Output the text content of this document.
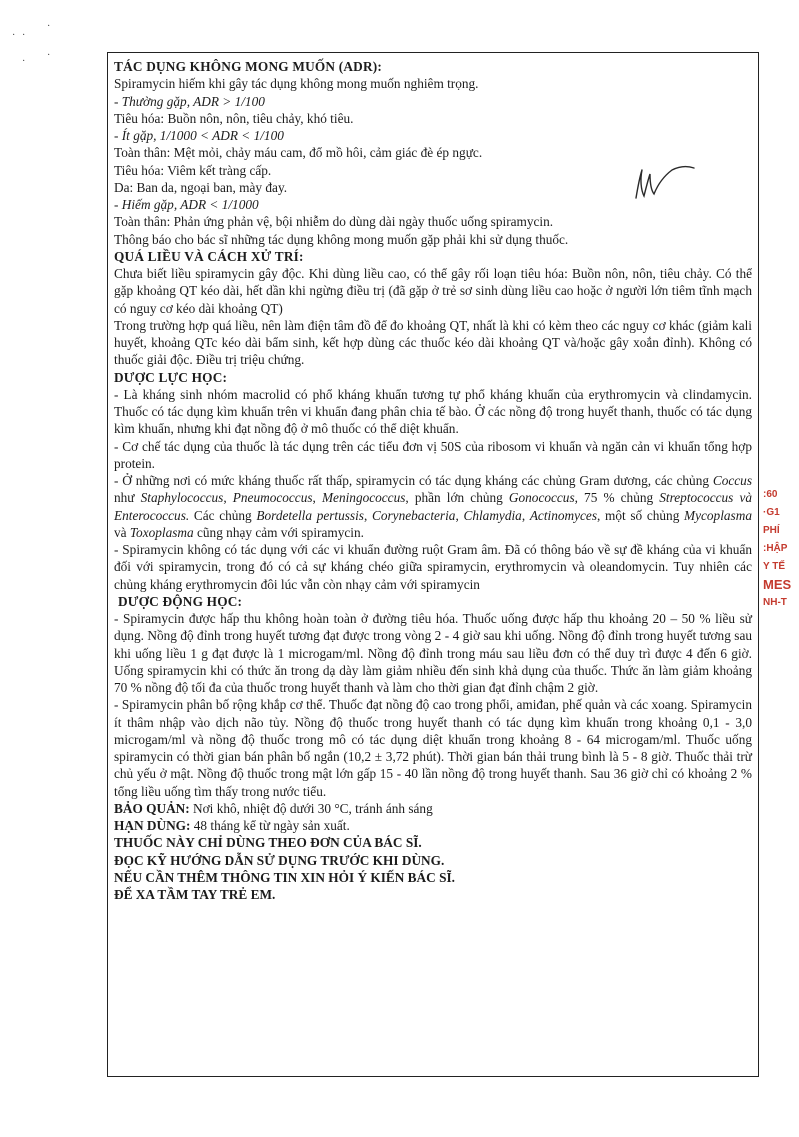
· ·
·
·
·	TÁC DỤNG KHÔNG MONG MUỐN (ADR):

Spiramycin hiếm khi gây tác dụng không mong muốn nghiêm trọng.

- Thường gặp, ADR > 1/100

Tiêu hóa: Buồn nôn, nôn, tiêu chảy, khó tiêu.

- Ít gặp, 1/1000 < ADR < 1/100

Toàn thân: Mệt mỏi, chảy máu cam, đổ mồ hôi, cảm giác đè ép ngực.

Tiêu hóa: Viêm kết tràng cấp.

Da: Ban da, ngoại ban, mày đay.

- Hiếm gặp, ADR < 1/1000

Toàn thân: Phản ứng phản vệ, bội nhiễm do dùng dài ngày thuốc uống spiramycin.

Thông báo cho bác sĩ những tác dụng không mong muốn gặp phải khi sử dụng thuốc.

QUÁ LIỀU VÀ CÁCH XỬ TRÍ:

Chưa biết liều spiramycin gây độc. Khi dùng liều cao, có thể gây rối loạn tiêu hóa: Buồn nôn, nôn, tiêu chảy. Có thể gặp khoảng QT kéo dài, hết dần khi ngừng điều trị (đã gặp ở trẻ sơ sinh dùng liều cao hoặc ở người lớn tiêm tĩnh mạch có nguy cơ kéo dài khoảng QT)

Trong trường hợp quá liều, nên làm điện tâm đồ để đo khoảng QT, nhất là khi có kèm theo các nguy cơ khác (giảm kali huyết, khoảng QTc kéo dài bẩm sinh, kết hợp dùng các thuốc kéo dài khoảng QT và/hoặc gây xoắn đỉnh). Không có thuốc giải độc. Điều trị triệu chứng.

DƯỢC LỰC HỌC:

- Là kháng sinh nhóm macrolid có phổ kháng khuẩn tương tự phổ kháng khuẩn của erythromycin và clindamycin. Thuốc có tác dụng kìm khuẩn trên vi khuẩn đang phân chia tế bào. Ở các nồng độ trong huyết thanh, thuốc có tác dụng kìm khuẩn, nhưng khi đạt nồng độ ở mô thuốc có thể diệt khuẩn.

- Cơ chế tác dụng của thuốc là tác dụng trên các tiểu đơn vị 50S của ribosom vi khuẩn và ngăn cản vi khuẩn tổng hợp protein.

- Ở những nơi có mức kháng thuốc rất thấp, spiramycin có tác dụng kháng các chủng Gram dương, các chủng Coccus như Staphylococcus, Pneumococcus, Meningococcus, phần lớn chủng Gonococcus, 75 % chủng Streptococcus và Enterococcus. Các chủng Bordetella pertussis, Corynebacteria, Chlamydia, Actinomyces, một số chủng Mycoplasma và Toxoplasma cũng nhạy cảm với spiramycin.

- Spiramycin không có tác dụng với các vi khuẩn đường ruột Gram âm. Đã có thông báo về sự đề kháng của vi khuẩn đối với spiramycin, trong đó có cả sự kháng chéo giữa spiramycin, erythromycin và oleandomycin. Tuy nhiên các chủng kháng erythromycin đôi lúc vẫn còn nhạy cảm với spiramycin

DƯỢC ĐỘNG HỌC:

- Spiramycin được hấp thu không hoàn toàn ở đường tiêu hóa. Thuốc uống được hấp thu khoảng 20 – 50 % liều sử dụng. Nồng độ đỉnh trong huyết tương đạt được trong vòng 2 - 4 giờ sau khi uống. Nồng độ đỉnh trong huyết tương sau khi uống liều 1 g đạt được là 1 microgam/ml. Nồng độ đỉnh trong máu sau liều đơn có thể duy trì được 4 đến 6 giờ. Uống spiramycin khi có thức ăn trong dạ dày làm giảm nhiều đến sinh khả dụng của thuốc. Thức ăn làm giảm khoảng 70 % nồng độ tối đa của thuốc trong huyết thanh và làm cho thời gian đạt đỉnh chậm 2 giờ.

- Spiramycin phân bố rộng khắp cơ thể. Thuốc đạt nồng độ cao trong phổi, amiđan, phế quản và các xoang. Spiramycin ít thâm nhập vào dịch não tủy. Nồng độ thuốc trong huyết thanh có tác dụng kìm khuẩn trong khoảng 0,1 - 3,0 microgam/ml và nồng độ thuốc trong mô có tác dụng diệt khuẩn trong khoảng 8 - 64 microgam/ml. Thuốc uống spiramycin có thời gian bán phân bố ngắn (10,2 ± 3,72 phút). Thời gian bán thải trung bình là 5 - 8 giờ. Thuốc thải trừ chủ yếu ở mật. Nồng độ thuốc trong mật lớn gấp 15 - 40 lần nồng độ trong huyết thanh. Sau 36 giờ chỉ có khoảng 2 % tổng liều uống tìm thấy trong nước tiểu.

BẢO QUẢN: Nơi khô, nhiệt độ dưới 30 °C, tránh ánh sáng

HẠN DÙNG: 48 tháng kể từ ngày sản xuất.

THUỐC NÀY CHỈ DÙNG THEO ĐƠN CỦA BÁC SĨ.

ĐỌC KỸ HƯỚNG DẪN SỬ DỤNG TRƯỚC KHI DÙNG.

NẾU CẦN THÊM THÔNG TIN XIN HỎI Ý KIẾN BÁC SĨ.

ĐỂ XA TẦM TAY TRẺ EM.

:60
·G1
PHÍ
:HẬP
Y TẾ
MES
NH-T
